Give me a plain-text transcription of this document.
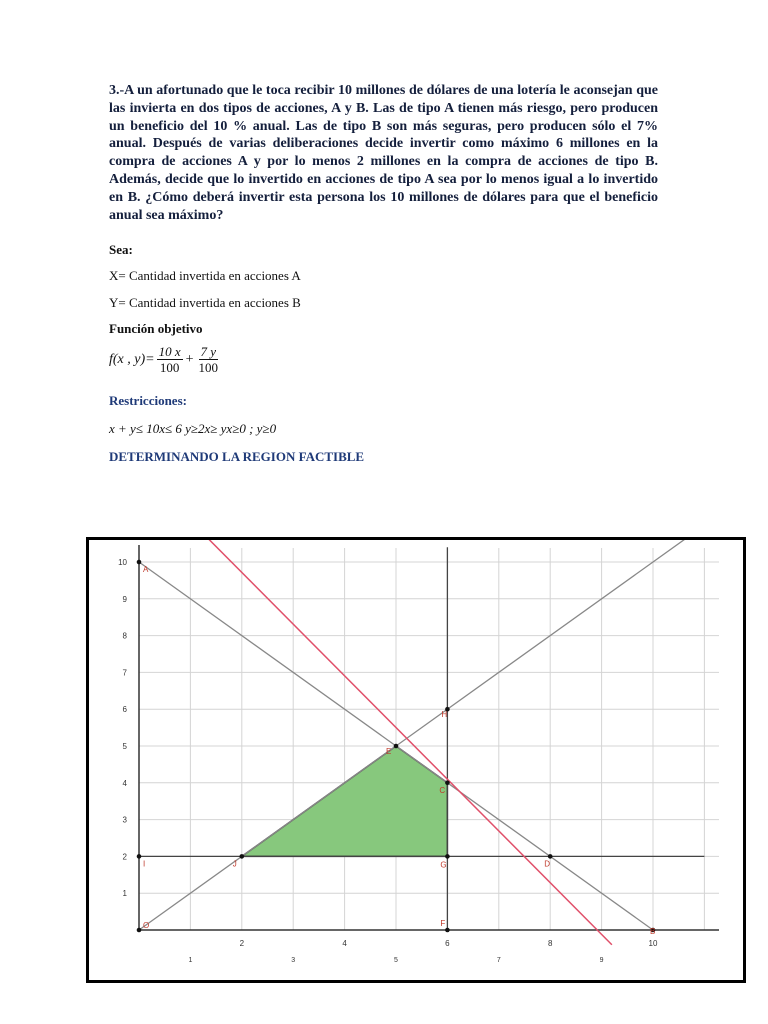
3.-A un afortunado que le toca recibir 10 millones de dólares de una lotería le aconsejan que las invierta en dos tipos de acciones, A y B. Las de tipo A tienen más riesgo, pero producen un beneficio del 10 % anual. Las de tipo B son más seguras, pero producen sólo el 7% anual. Después de varias deliberaciones decide invertir como máximo 6 millones en la compra de acciones A y por lo menos 2 millones en la compra de acciones de tipo B. Además, decide que lo invertido en acciones de tipo A sea por lo menos igual a lo invertido en B. ¿Cómo deberá invertir esta persona los 10 millones de dólares para que el beneficio anual sea máximo?
Sea:
X= Cantidad invertida en acciones A
Y= Cantidad invertida en acciones B
Función objetivo
f(x , $y)= \frac{10 x}{100} + \frac{7 y}{100}$
Restricciones:
x + y≤ 10x≤ 6 y≥2x≥ yx≥0 ; y≥0
DETERMINANDO LA REGION FACTIBLE
1
2
3
4
5
6
7
8
9
10
2	4	6	8	10
1	3	5	7	9
A
B
O
I	J
E
H
C
G	D
F
